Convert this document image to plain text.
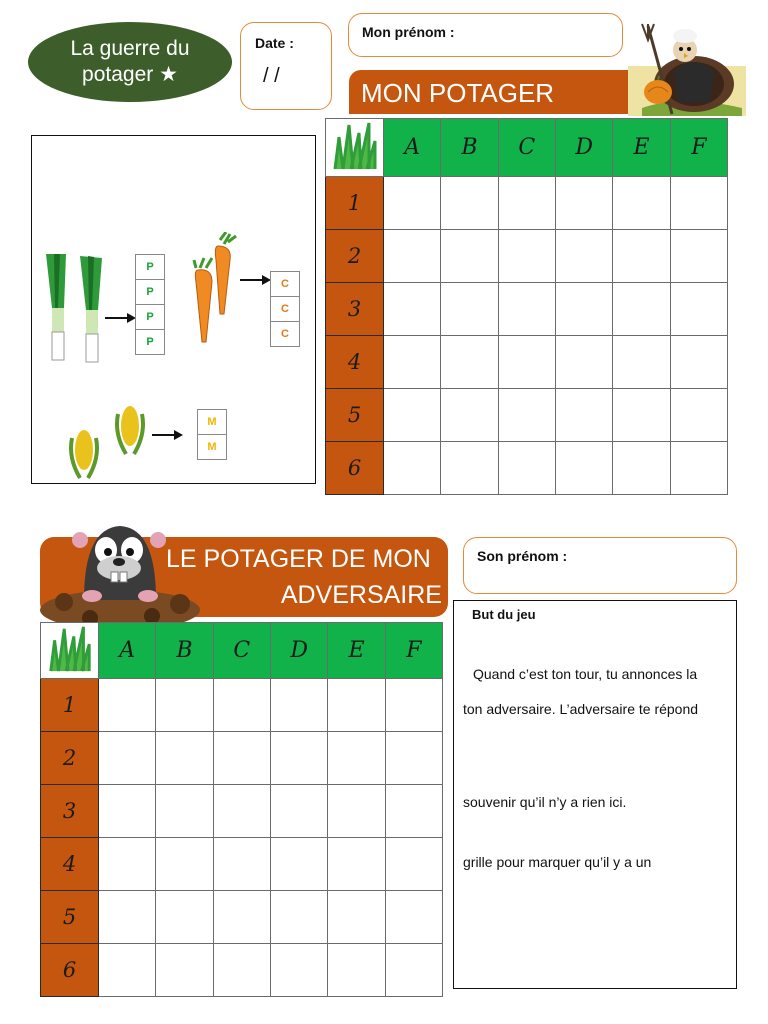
La guerre du
potager ★
Date :
/ /
Mon prénom :
MON POTAGER
P
P
P
P
C
C
C
M
M
	A	B	C	D	E	F
1						
2						
3						
4						
5						
6						
LE POTAGER DE MON
ADVERSAIRE
Son prénom :
	A	B	C	D	E	F
1						
2						
3						
4						
5						
6						
But du jeu
Quand c’est ton tour, tu annonces la
ton adversaire. L’adversaire te répond
souvenir qu’il n’y a rien ici.
grille pour marquer qu’il y a un
